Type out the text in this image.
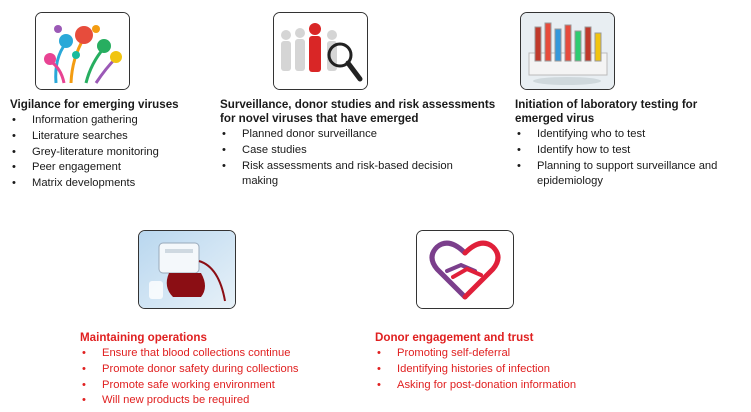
Vigilance for emerging viruses

• Information gathering
• Literature searches
• Grey-literature monitoring
• Peer engagement
• Matrix developments

Surveillance, donor studies and risk assessments for novel viruses that have emerged

• Planned donor surveillance
• Case studies
• Risk assessments and risk-based decision making

Initiation of laboratory testing for emerged virus

• Identifying who to test
• Identify how to test
• Planning to support surveillance and epidemiology

Maintaining operations

• Ensure that blood collections continue
• Promote donor safety during collections
• Promote safe working environment
• Will new products be required

Donor engagement and trust

• Promoting self-deferral
• Identifying histories of infection
• Asking for post-donation information
